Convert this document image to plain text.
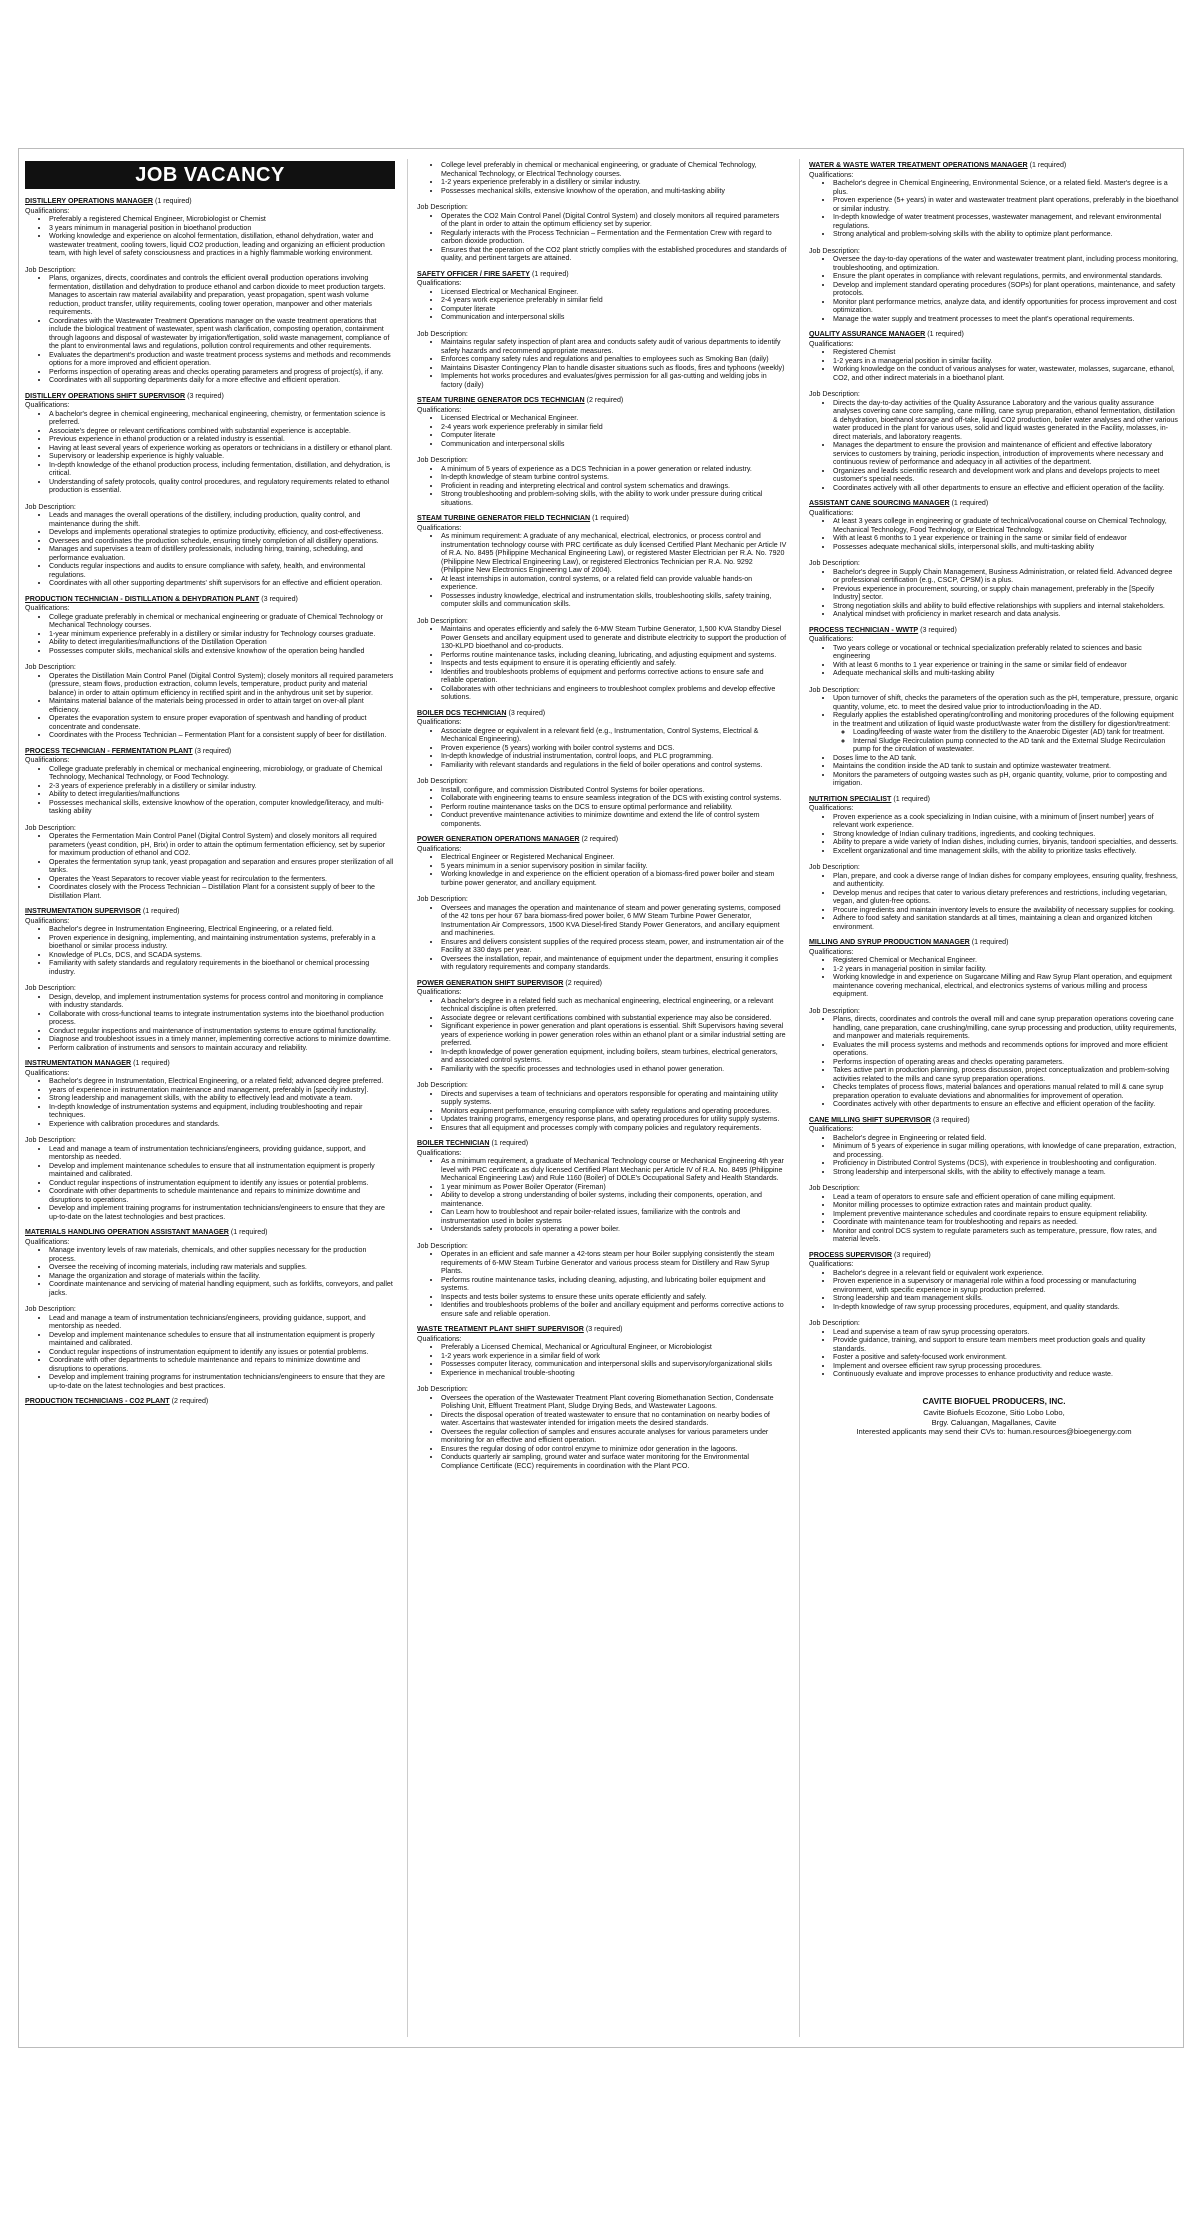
JOB VACANCY
DISTILLERY OPERATIONS MANAGER (1 required)
Qualifications:
• Preferably a registered Chemical Engineer, Microbiologist or Chemist
• 3 years minimum in managerial position in bioethanol production
• Working knowledge and experience on alcohol fermentation, distillation, ethanol dehydration, water and wastewater treatment, cooling towers, liquid CO2 production, leading and organizing an efficient production team, with high level of safety consciousness and practices in a highly flammable working environment.
Job Description:
• Plans, organizes, directs, coordinates and controls the efficient overall production operations involving fermentation, distillation and dehydration to produce ethanol and carbon dioxide to meet production targets. Manages to ascertain raw material availability and preparation, yeast propagation, spent wash volume reduction, product transfer, utility requirements, cooling tower operation, manpower and other materials requirements.
• Coordinates with the Wastewater Treatment Operations manager on the waste treatment operations that include the biological treatment of wastewater, spent wash clarification, composting operation, containment through lagoons and disposal of wastewater by irrigation/fertigation, solid waste management, compliance of the plant to environmental laws and regulations, pollution control requirements and other requirements.
• Evaluates the department's production and waste treatment process systems and methods and recommends options for a more improved and efficient operation.
• Performs inspection of operating areas and checks operating parameters and progress of project(s), if any.
• Coordinates with all supporting departments daily for a more effective and efficient operation.
DISTILLERY OPERATIONS SHIFT SUPERVISOR (3 required)
Qualifications:
• A bachelor's degree in chemical engineering, mechanical engineering, chemistry, or fermentation science is preferred.
• Associate's degree or relevant certifications combined with substantial experience is acceptable.
• Previous experience in ethanol production or a related industry is essential.
• Having at least several years of experience working as operators or technicians in a distillery or ethanol plant.
• Supervisory or leadership experience is highly valuable.
• In-depth knowledge of the ethanol production process, including fermentation, distillation, and dehydration, is critical.
• Understanding of safety protocols, quality control procedures, and regulatory requirements related to ethanol production is essential.
Job Description:
• Leads and manages the overall operations of the distillery, including production, quality control, and maintenance during the shift.
• Develops and implements operational strategies to optimize productivity, efficiency, and cost-effectiveness.
• Oversees and coordinates the production schedule, ensuring timely completion of all distillery operations.
• Manages and supervises a team of distillery professionals, including hiring, training, scheduling, and performance evaluation.
• Conducts regular inspections and audits to ensure compliance with safety, health, and environmental regulations.
• Coordinates with all other supporting departments' shift supervisors for an effective and efficient operation.
PRODUCTION TECHNICIAN - DISTILLATION & DEHYDRATION PLANT (3 required)
Qualifications:
• College graduate preferably in chemical or mechanical engineering or graduate of Chemical Technology or Mechanical Technology courses.
• 1-year minimum experience preferably in a distillery or similar industry for Technology courses graduate.
• Ability to detect irregularities/malfunctions of the Distillation Operation
• Possesses computer skills, mechanical skills and extensive knowhow of the operation being handled
Job Description:
• Operates the Distillation Main Control Panel (Digital Control System); closely monitors all required parameters (pressure, steam flows, production extraction, column levels, temperature, product purity and material balance) in order to attain optimum efficiency in rectified spirit and in the anhydrous unit set by superior.
• Maintains material balance of the materials being processed in order to attain target on over-all plant efficiency.
• Operates the evaporation system to ensure proper evaporation of spentwash and handling of product concentrate and condensate.
• Coordinates with the Process Technician – Fermentation Plant for a consistent supply of beer for distillation.
PROCESS TECHNICIAN - FERMENTATION PLANT (3 required)
Qualifications:
• College graduate preferably in chemical or mechanical engineering, microbiology, or graduate of Chemical Technology, Mechanical Technology, or Food Technology.
• 2-3 years of experience preferably in a distillery or similar industry.
• Ability to detect irregularities/malfunctions
• Possesses mechanical skills, extensive knowhow of the operation, computer knowledge/literacy, and multi-tasking ability
Job Description:
• Operates the Fermentation Main Control Panel (Digital Control System) and closely monitors all required parameters (yeast condition, pH, Brix) in order to attain the optimum fermentation efficiency, set by superior for maximum production of ethanol and CO2.
• Operates the fermentation syrup tank, yeast propagation and separation and ensures proper sterilization of all tanks.
• Operates the Yeast Separators to recover viable yeast for recirculation to the fermenters.
• Coordinates closely with the Process Technician – Distillation Plant for a consistent supply of beer to the Distillation Plant.
INSTRUMENTATION SUPERVISOR (1 required)
Qualifications:
• Bachelor's degree in Instrumentation Engineering, Electrical Engineering, or a related field.
• Proven experience in designing, implementing, and maintaining instrumentation systems, preferably in a bioethanol or similar process industry.
• Knowledge of PLCs, DCS, and SCADA systems.
• Familiarity with safety standards and regulatory requirements in the bioethanol or chemical processing industry.
Job Description:
• Design, develop, and implement instrumentation systems for process control and monitoring in compliance with industry standards.
• Collaborate with cross-functional teams to integrate instrumentation systems into the bioethanol production process.
• Conduct regular inspections and maintenance of instrumentation systems to ensure optimal functionality.
• Diagnose and troubleshoot issues in a timely manner, implementing corrective actions to minimize downtime.
• Perform calibration of instruments and sensors to maintain accuracy and reliability.
INSTRUMENTATION MANAGER (1 required)
Qualifications:
• Bachelor's degree in Instrumentation, Electrical Engineering, or a related field; advanced degree preferred.
• years of experience in instrumentation maintenance and management, preferably in [specify industry].
• Strong leadership and management skills, with the ability to effectively lead and motivate a team.
• In-depth knowledge of instrumentation systems and equipment, including troubleshooting and repair techniques.
• Experience with calibration procedures and standards.
Job Description:
• Lead and manage a team of instrumentation technicians/engineers, providing guidance, support, and mentorship as needed.
• Develop and implement maintenance schedules to ensure that all instrumentation equipment is properly maintained and calibrated.
• Conduct regular inspections of instrumentation equipment to identify any issues or potential problems.
• Coordinate with other departments to schedule maintenance and repairs to minimize downtime and disruptions to operations.
• Develop and implement training programs for instrumentation technicians/engineers to ensure that they are up-to-date on the latest technologies and best practices.
MATERIALS HANDLING OPERATION ASSISTANT MANAGER (1 required)
Qualifications:
• Manage inventory levels of raw materials, chemicals, and other supplies necessary for the production process.
• Oversee the receiving of incoming materials, including raw materials and supplies.
• Manage the organization and storage of materials within the facility.
• Coordinate maintenance and servicing of material handling equipment, such as forklifts, conveyors, and pallet jacks.
Job Description:
• Lead and manage a team of instrumentation technicians/engineers, providing guidance, support, and mentorship as needed.
• Develop and implement maintenance schedules to ensure that all instrumentation equipment is properly maintained and calibrated.
• Conduct regular inspections of instrumentation equipment to identify any issues or potential problems.
• Coordinate with other departments to schedule maintenance and repairs to minimize downtime and disruptions to operations.
• Develop and implement training programs for instrumentation technicians/engineers to ensure that they are up-to-date on the latest technologies and best practices.
PRODUCTION TECHNICIANS - CO2 PLANT (2 required)
• College level preferably in chemical or mechanical engineering, or graduate of Chemical Technology, Mechanical Technology, or Electrical Technology courses.
• 1-2 years experience preferably in a distillery or similar industry.
• Possesses mechanical skills, extensive knowhow of the operation, and multi-tasking ability
Job Description:
• Operates the CO2 Main Control Panel (Digital Control System) and closely monitors all required parameters of the plant in order to attain the optimum efficiency set by superior.
• Regularly interacts with the Process Technician – Fermentation and the Fermentation Crew with regard to carbon dioxide production.
• Ensures that the operation of the CO2 plant strictly complies with the established procedures and standards of quality, and pertinent targets are attained.
SAFETY OFFICER / FIRE SAFETY (1 required)
Qualifications:
• Licensed Electrical or Mechanical Engineer.
• 2-4 years work experience preferably in similar field
• Computer literate
• Communication and interpersonal skills
Job Description:
• Maintains regular safety inspection of plant area and conducts safety audit of various departments to identify safety hazards and recommend appropriate measures.
• Enforces company safety rules and regulations and penalties to employees such as Smoking Ban (daily)
• Maintains Disaster Contingency Plan to handle disaster situations such as floods, fires and typhoons (weekly)
• Implements hot works procedures and evaluates/gives permission for all gas-cutting and welding jobs in factory (daily)
STEAM TURBINE GENERATOR DCS TECHNICIAN (2 required)
Qualifications:
• Licensed Electrical or Mechanical Engineer.
• 2-4 years work experience preferably in similar field
• Computer literate
• Communication and interpersonal skills
Job Description:
• A minimum of 5 years of experience as a DCS Technician in a power generation or related industry.
• In-depth knowledge of steam turbine control systems.
• Proficient in reading and interpreting electrical and control system schematics and drawings.
• Strong troubleshooting and problem-solving skills, with the ability to work under pressure during critical situations.
STEAM TURBINE GENERATOR FIELD TECHNICIAN (1 required)
Qualifications:
• As minimum requirement: A graduate of any mechanical, electrical, electronics, or process control and instrumentation technology course with PRC certificate as duly licensed Certified Plant Mechanic per Article IV of R.A. No. 8495 (Philippine Mechanical Engineering Law), or registered Master Electrician per R.A. No. 7920 (Philippine New Electrical Engineering Law), or registered Electronics Technician per R.A. No. 9292 (Philippine New Electronics Engineering Law of 2004).
• At least internships in automation, control systems, or a related field can provide valuable hands-on experience.
• Possesses industry knowledge, electrical and instrumentation skills, troubleshooting skills, safety training, computer skills and communication skills.
Job Description:
• Maintains and operates efficiently and safely the 6-MW Steam Turbine Generator, 1,500 KVA Standby Diesel Power Gensets and ancillary equipment used to generate and distribute electricity to support the production of 130-KLPD bioethanol and co-products.
• Performs routine maintenance tasks, including cleaning, lubricating, and adjusting equipment and systems.
• Inspects and tests equipment to ensure it is operating efficiently and safely.
• Identifies and troubleshoots problems of equipment and performs corrective actions to ensure safe and reliable operation.
• Collaborates with other technicians and engineers to troubleshoot complex problems and develop effective solutions.
BOILER DCS TECHNICIAN (3 required)
Qualifications:
• Associate degree or equivalent in a relevant field (e.g., Instrumentation, Control Systems, Electrical & Mechanical Engineering).
• Proven experience (5 years) working with boiler control systems and DCS.
• In-depth knowledge of industrial instrumentation, control loops, and PLC programming.
• Familiarity with relevant standards and regulations in the field of boiler operations and control systems.
Job Description:
• Install, configure, and commission Distributed Control Systems for boiler operations.
• Collaborate with engineering teams to ensure seamless integration of the DCS with existing control systems.
• Perform routine maintenance tasks on the DCS to ensure optimal performance and reliability.
• Conduct preventive maintenance activities to minimize downtime and extend the life of control system components.
POWER GENERATION OPERATIONS MANAGER (2 required)
Qualifications:
• Electrical Engineer or Registered Mechanical Engineer.
• 5 years minimum in a senior supervisory position in similar facility.
• Working knowledge in and experience on the efficient operation of a biomass-fired power boiler and steam turbine power generator, and ancillary equipment.
Job Description:
• Oversees and manages the operation and maintenance of steam and power generating systems, composed of the 42 tons per hour 67 bara biomass-fired power boiler, 6 MW Steam Turbine Power Generator, Instrumentation Air Compressors, 1500 KVA Diesel-fired Standy Power Generators, and ancillary equipment and machineries.
• Ensures and delivers consistent supplies of the required process steam, power, and instrumentation air of the Facility at 330 days per year.
• Oversees the installation, repair, and maintenance of equipment under the department, ensuring it complies with regulatory requirements and company standards.
POWER GENERATION SHIFT SUPERVISOR (2 required)
Qualifications:
• A bachelor's degree in a related field such as mechanical engineering, electrical engineering, or a relevant technical discipline is often preferred.
• Associate degree or relevant certifications combined with substantial experience may also be considered.
• Significant experience in power generation and plant operations is essential. Shift Supervisors having several years of experience working in power generation roles within an ethanol plant or a similar industrial setting are preferred.
• In-depth knowledge of power generation equipment, including boilers, steam turbines, electrical generators, and associated control systems.
• Familiarity with the specific processes and technologies used in ethanol power generation.
Job Description:
• Directs and supervises a team of technicians and operators responsible for operating and maintaining utility supply systems.
• Monitors equipment performance, ensuring compliance with safety regulations and operating procedures.
• Updates training programs, emergency response plans, and operating procedures for utility supply systems.
• Ensures that all equipment and processes comply with company policies and regulatory requirements.
BOILER TECHNICIAN (1 required)
Qualifications:
• As a minimum requirement, a graduate of Mechanical Technology course or Mechanical Engineering 4th year level with PRC certificate as duly licensed Certified Plant Mechanic per Article IV of R.A. No. 8495 (Philippine Mechanical Engineering Law) and Rule 1160 (Boiler) of DOLE's Occupational Safety and Health Standards.
• 1 year minimum as Power Boiler Operator (Fireman)
• Ability to develop a strong understanding of boiler systems, including their components, operation, and maintenance.
• Can Learn how to troubleshoot and repair boiler-related issues, familiarize with the controls and instrumentation used in boiler systems
• Understands safety protocols in operating a power boiler.
Job Description:
• Operates in an efficient and safe manner a 42-tons steam per hour Boiler supplying consistently the steam requirements of 6-MW Steam Turbine Generator and various process steam for Distillery and Raw Syrup Plants.
• Performs routine maintenance tasks, including cleaning, adjusting, and lubricating boiler equipment and systems.
• Inspects and tests boiler systems to ensure these units operate efficiently and safely.
• Identifies and troubleshoots problems of the boiler and ancillary equipment and performs corrective actions to ensure safe and reliable operation.
WASTE TREATMENT PLANT SHIFT SUPERVISOR (3 required)
Qualifications:
• Preferably a Licensed Chemical, Mechanical or Agricultural Engineer, or Microbiologist
• 1-2 years work experience in a similar field of work
• Possesses computer literacy, communication and interpersonal skills and supervisory/organizational skills
• Experience in mechanical trouble-shooting
Job Description:
• Oversees the operation of the Wastewater Treatment Plant covering Biomethanation Section, Condensate Polishing Unit, Effluent Treatment Plant, Sludge Drying Beds, and Wastewater Lagoons.
• Directs the disposal operation of treated wastewater to ensure that no contamination on nearby bodies of water. Ascertains that wastewater intended for irrigation meets the desired standards.
• Oversees the regular collection of samples and ensures accurate analyses for various parameters under monitoring for an effective and efficient operation.
• Ensures the regular dosing of odor control enzyme to minimize odor generation in the lagoons.
• Conducts quarterly air sampling, ground water and surface water monitoring for the Environmental Compliance Certificate (ECC) requirements in coordination with the Plant PCO.
WATER & WASTE WATER TREATMENT OPERATIONS MANAGER (1 required)
Qualifications:
• Bachelor's degree in Chemical Engineering, Environmental Science, or a related field. Master's degree is a plus.
• Proven experience (5+ years) in water and wastewater treatment plant operations, preferably in the bioethanol or similar industry.
• In-depth knowledge of water treatment processes, wastewater management, and relevant environmental regulations.
• Strong analytical and problem-solving skills with the ability to optimize plant performance.
Job Description:
• Oversee the day-to-day operations of the water and wastewater treatment plant, including process monitoring, troubleshooting, and optimization.
• Ensure the plant operates in compliance with relevant regulations, permits, and environmental standards.
• Develop and implement standard operating procedures (SOPs) for plant operations, maintenance, and safety protocols.
• Monitor plant performance metrics, analyze data, and identify opportunities for process improvement and cost optimization.
• Manage the water supply and treatment processes to meet the plant's operational requirements.
QUALITY ASSURANCE MANAGER (1 required)
Qualifications:
• Registered Chemist
• 1-2 years in a managerial position in similar facility.
• Working knowledge on the conduct of various analyses for water, wastewater, molasses, sugarcane, ethanol, CO2, and other indirect materials in a bioethanol plant.
Job Description:
• Directs the day-to-day activities of the Quality Assurance Laboratory and the various quality assurance analyses covering cane core sampling, cane milling, cane syrup preparation, ethanol fermentation, distillation & dehydration, bioethanol storage and off-take, liquid CO2 production, boiler water analyses and other various water produced in the plant for various uses, solid and liquid wastes generated in the Facility, molasses, in-direct materials, and laboratory reagents.
• Manages the department to ensure the provision and maintenance of efficient and effective laboratory services to customers by training, periodic inspection, introduction of improvements where necessary and continuous review of performance and adequacy in all activities of the department.
• Organizes and leads scientific research and development work and plans and develops projects to meet customer's special needs.
• Coordinates actively with all other departments to ensure an effective and efficient operation of the facility.
ASSISTANT CANE SOURCING MANAGER (1 required)
Qualifications:
• At least 3 years college in engineering or graduate of technical/vocational course on Chemical Technology, Mechanical Technology, Food Technology, or Electrical Technology.
• With at least 6 months to 1 year experience or training in the same or similar field of endeavor
• Possesses adequate mechanical skills, interpersonal skills, and multi-tasking ability
Job Description:
• Bachelor's degree in Supply Chain Management, Business Administration, or related field. Advanced degree or professional certification (e.g., CSCP, CPSM) is a plus.
• Previous experience in procurement, sourcing, or supply chain management, preferably in the [Specify Industry] sector.
• Strong negotiation skills and ability to build effective relationships with suppliers and internal stakeholders.
• Analytical mindset with proficiency in market research and data analysis.
PROCESS TECHNICIAN - WWTP (3 required)
Qualifications:
• Two years college or vocational or technical specialization preferably related to sciences and basic engineering
• With at least 6 months to 1 year experience or training in the same or similar field of endeavor
• Adequate mechanical skills and multi-tasking ability
Job Description:
• Upon turnover of shift, checks the parameters of the operation such as the pH, temperature, pressure, organic quantity, volume, etc. to meet the desired value prior to introduction/loading in the AD.
• Regularly applies the established operating/controlling and monitoring procedures of the following equipment in the treatment and utilization of liquid waste product/waste water from the distillery for digestion/treatment:
◦ Loading/feeding of waste water from the distillery to the Anaerobic Digester (AD) tank for treatment.
◦ Internal Sludge Recirculation pump connected to the AD tank and the External Sludge Recirculation pump for the circulation of wastewater.
• Doses lime to the AD tank.
• Maintains the condition inside the AD tank to sustain and optimize wastewater treatment.
• Monitors the parameters of outgoing wastes such as pH, organic quantity, volume, prior to composting and irrigation.
NUTRITION SPECIALIST (1 required)
Qualifications:
• Proven experience as a cook specializing in Indian cuisine, with a minimum of [insert number] years of relevant work experience.
• Strong knowledge of Indian culinary traditions, ingredients, and cooking techniques.
• Ability to prepare a wide variety of Indian dishes, including curries, biryanis, tandoori specialties, and desserts.
• Excellent organizational and time management skills, with the ability to prioritize tasks effectively.
Job Description:
• Plan, prepare, and cook a diverse range of Indian dishes for company employees, ensuring quality, freshness, and authenticity.
• Develop menus and recipes that cater to various dietary preferences and restrictions, including vegetarian, vegan, and gluten-free options.
• Procure ingredients and maintain inventory levels to ensure the availability of necessary supplies for cooking.
• Adhere to food safety and sanitation standards at all times, maintaining a clean and organized kitchen environment.
MILLING AND SYRUP PRODUCTION MANAGER (1 required)
Qualifications:
• Registered Chemical or Mechanical Engineer.
• 1-2 years in managerial position in similar facility.
• Working knowledge in and experience on Sugarcane Milling and Raw Syrup Plant operation, and equipment maintenance covering mechanical, electrical, and electronics systems of various milling and process equipment.
Job Description:
• Plans, directs, coordinates and controls the overall mill and cane syrup preparation operations covering cane handling, cane preparation, cane crushing/milling, cane syrup processing and production, utility requirements, and manpower and materials requirements.
• Evaluates the mill process systems and methods and recommends options for improved and more efficient operations.
• Performs inspection of operating areas and checks operating parameters.
• Takes active part in production planning, process discussion, project conceptualization and problem-solving activities related to the mills and cane syrup preparation operations.
• Checks templates of process flows, material balances and operations manual related to mill & cane syrup preparation operation to evaluate deviations and abnormalities for improvement of operation.
• Coordinates actively with other departments to ensure an effective and efficient operation of the facility.
CANE MILLING SHIFT SUPERVISOR (3 required)
Qualifications:
• Bachelor's degree in Engineering or related field.
• Minimum of 5 years of experience in sugar milling operations, with knowledge of cane preparation, extraction, and processing.
• Proficiency in Distributed Control Systems (DCS), with experience in troubleshooting and configuration.
• Strong leadership and interpersonal skills, with the ability to effectively manage a team.
Job Description:
• Lead a team of operators to ensure safe and efficient operation of cane milling equipment.
• Monitor milling processes to optimize extraction rates and maintain product quality.
• Implement preventive maintenance schedules and coordinate repairs to ensure equipment reliability.
• Coordinate with maintenance team for troubleshooting and repairs as needed.
• Monitor and control DCS system to regulate parameters such as temperature, pressure, flow rates, and material levels.
PROCESS SUPERVISOR (3 required)
Qualifications:
• Bachelor's degree in a relevant field or equivalent work experience.
• Proven experience in a supervisory or managerial role within a food processing or manufacturing environment, with specific experience in syrup production preferred.
• Strong leadership and team management skills.
• In-depth knowledge of raw syrup processing procedures, equipment, and quality standards.
Job Description:
• Lead and supervise a team of raw syrup processing operators.
• Provide guidance, training, and support to ensure team members meet production goals and quality standards.
• Foster a positive and safety-focused work environment.
• Implement and oversee efficient raw syrup processing procedures.
• Continuously evaluate and improve processes to enhance productivity and reduce waste.
CAVITE BIOFUEL PRODUCERS, INC.
Cavite Biofuels Ecozone, Sitio Lobo Lobo,
Brgy. Caluangan, Magallanes, Cavite
Interested applicants may send their CVs to: human.resources@bioegenergy.com
